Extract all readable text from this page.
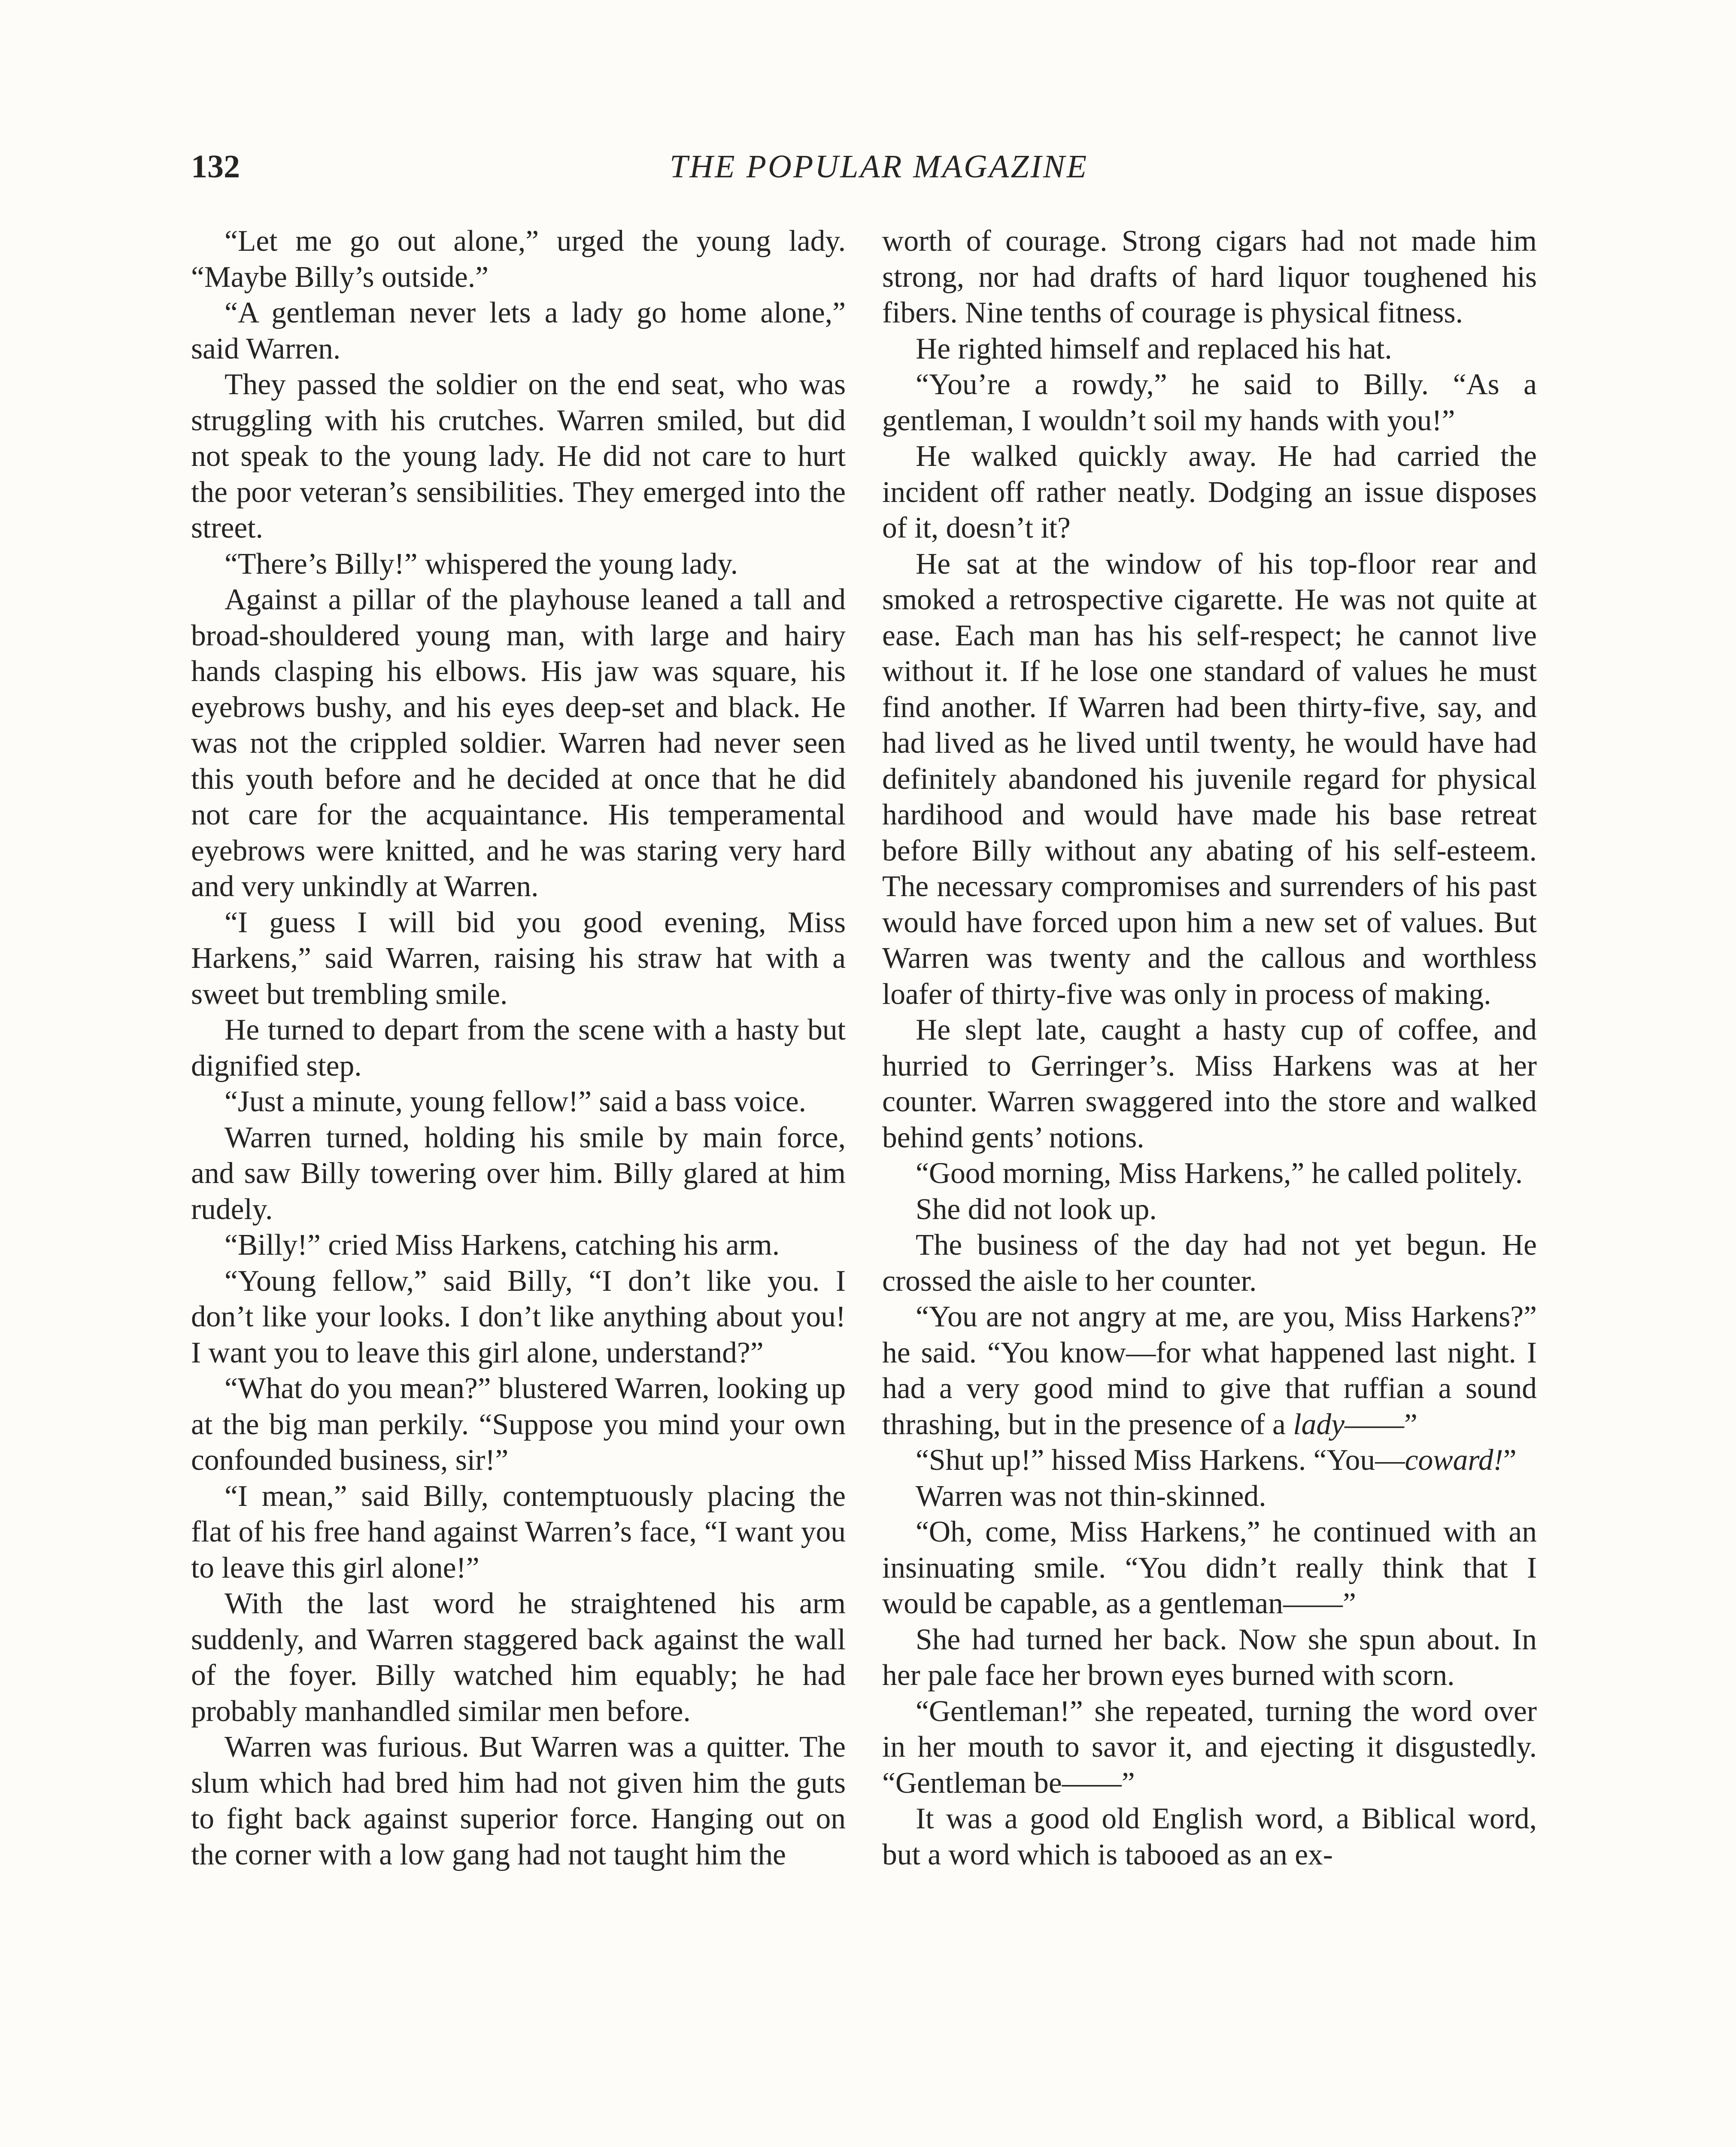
132	THE POPULAR MAGAZINE

“Let me go out alone,” urged the young lady. “Maybe Billy’s outside.”

“A gentleman never lets a lady go home alone,” said Warren.

They passed the soldier on the end seat, who was struggling with his crutches. Warren smiled, but did not speak to the young lady. He did not care to hurt the poor veteran’s sensibilities. They emerged into the street.

“There’s Billy!” whispered the young lady.

Against a pillar of the playhouse leaned a tall and broad-shouldered young man, with large and hairy hands clasping his elbows. His jaw was square, his eyebrows bushy, and his eyes deep-set and black. He was not the crippled soldier. Warren had never seen this youth before and he decided at once that he did not care for the acquaintance. His temperamental eyebrows were knitted, and he was staring very hard and very unkindly at Warren.

“I guess I will bid you good evening, Miss Harkens,” said Warren, raising his straw hat with a sweet but trembling smile.

He turned to depart from the scene with a hasty but dignified step.

“Just a minute, young fellow!” said a bass voice.

Warren turned, holding his smile by main force, and saw Billy towering over him. Billy glared at him rudely.

“Billy!” cried Miss Harkens, catching his arm.

“Young fellow,” said Billy, “I don’t like you. I don’t like your looks. I don’t like anything about you! I want you to leave this girl alone, understand?”

“What do you mean?” blustered Warren, looking up at the big man perkily. “Suppose you mind your own confounded business, sir!”

“I mean,” said Billy, contemptuously placing the flat of his free hand against Warren’s face, “I want you to leave this girl alone!”

With the last word he straightened his arm suddenly, and Warren staggered back against the wall of the foyer. Billy watched him equably; he had probably manhandled similar men before.

Warren was furious. But Warren was a quitter. The slum which had bred him had not given him the guts to fight back against superior force. Hanging out on the corner with a low gang had not taught him the

worth of courage. Strong cigars had not made him strong, nor had drafts of hard liquor toughened his fibers. Nine tenths of courage is physical fitness.

He righted himself and replaced his hat.

“You’re a rowdy,” he said to Billy. “As a gentleman, I wouldn’t soil my hands with you!”

He walked quickly away. He had carried the incident off rather neatly. Dodging an issue disposes of it, doesn’t it?

He sat at the window of his top-floor rear and smoked a retrospective cigarette. He was not quite at ease. Each man has his self-respect; he cannot live without it. If he lose one standard of values he must find another. If Warren had been thirty-five, say, and had lived as he lived until twenty, he would have had definitely abandoned his juvenile regard for physical hardihood and would have made his base retreat before Billy without any abating of his self-esteem. The necessary compromises and surrenders of his past would have forced upon him a new set of values. But Warren was twenty and the callous and worthless loafer of thirty-five was only in process of making.

He slept late, caught a hasty cup of coffee, and hurried to Gerringer’s. Miss Harkens was at her counter. Warren swaggered into the store and walked behind gents’ notions.

“Good morning, Miss Harkens,” he called politely.

She did not look up.

The business of the day had not yet begun. He crossed the aisle to her counter.

“You are not angry at me, are you, Miss Harkens?” he said. “You know—for what happened last night. I had a very good mind to give that ruffian a sound thrashing, but in the presence of a lady——”

“Shut up!” hissed Miss Harkens. “You—coward!”

Warren was not thin-skinned.

“Oh, come, Miss Harkens,” he continued with an insinuating smile. “You didn’t really think that I would be capable, as a gentleman——”

She had turned her back. Now she spun about. In her pale face her brown eyes burned with scorn.

“Gentleman!” she repeated, turning the word over in her mouth to savor it, and ejecting it disgustedly. “Gentleman be——”

It was a good old English word, a Biblical word, but a word which is tabooed as an ex-
